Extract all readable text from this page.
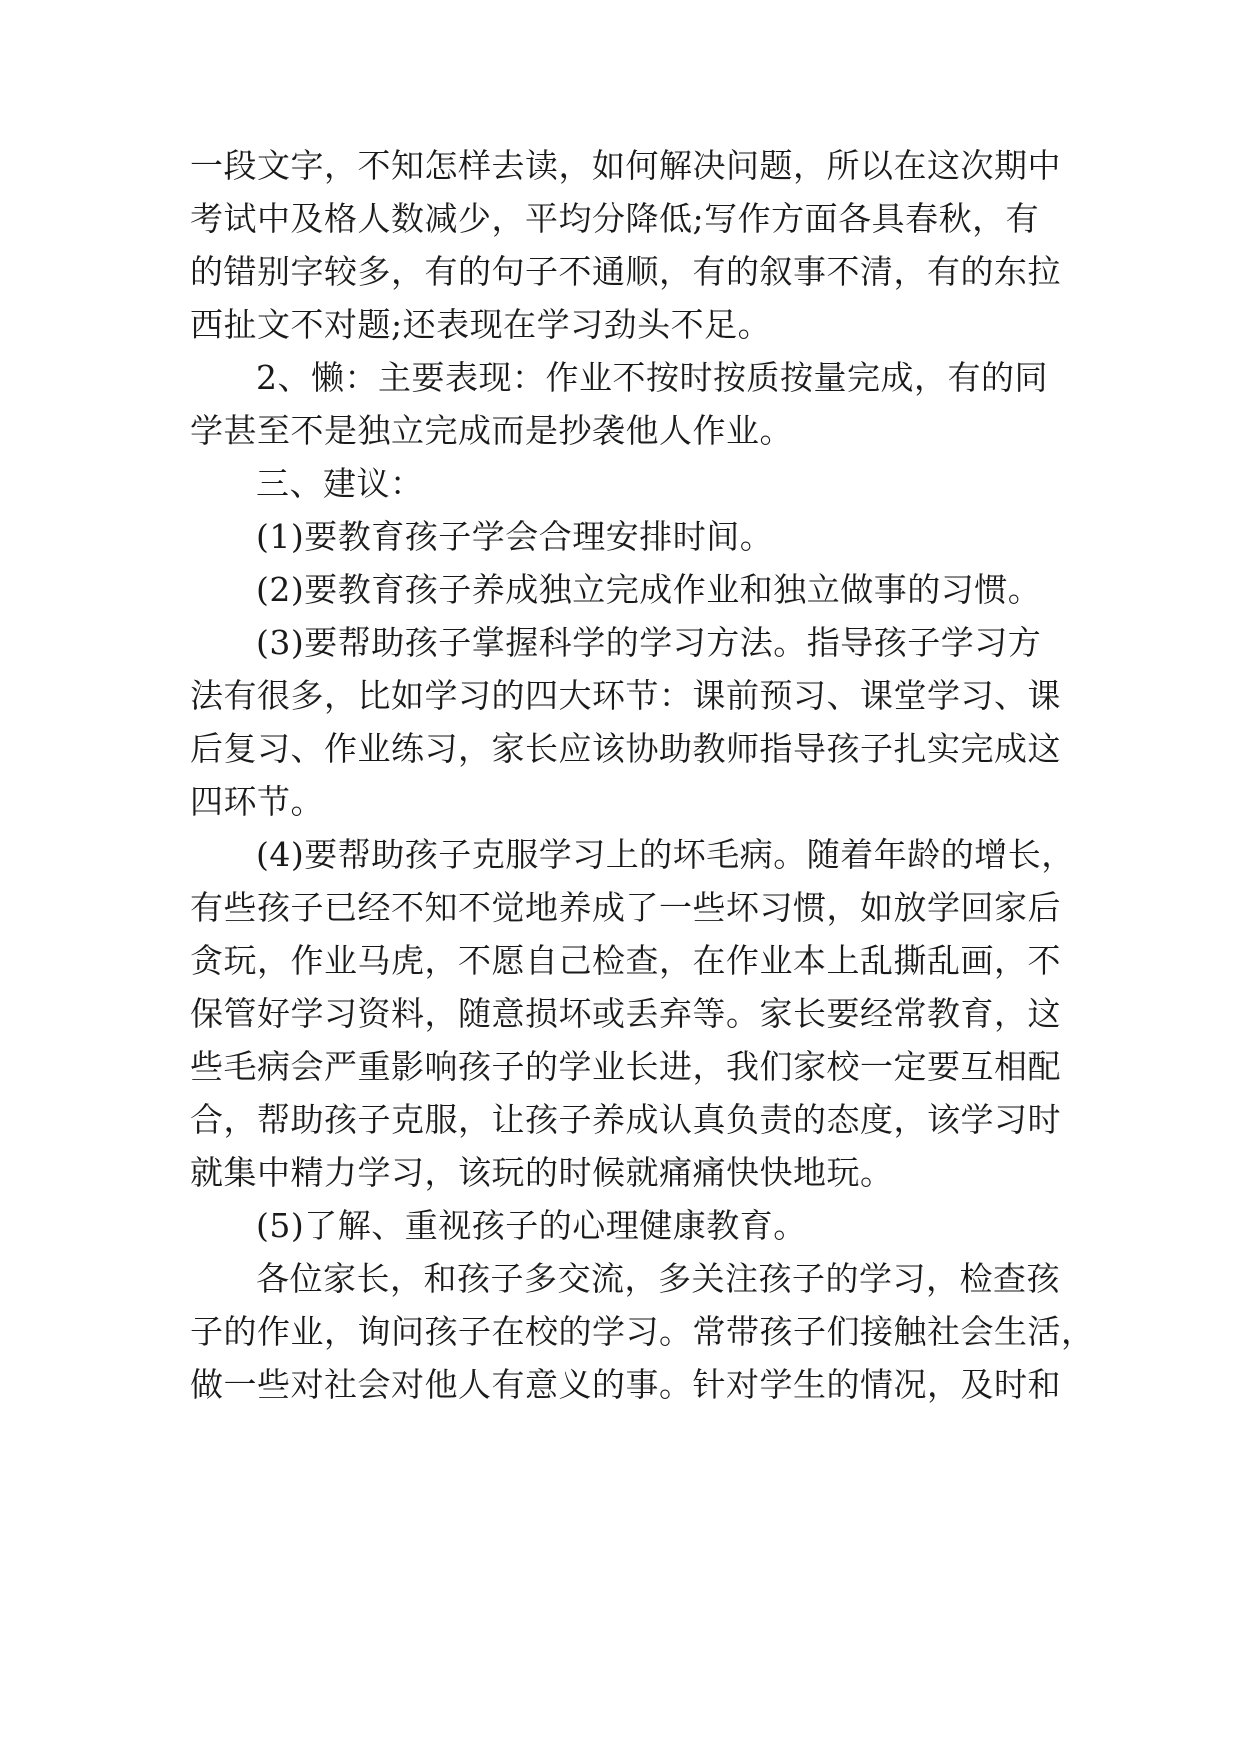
一段文字，不知怎样去读，如何解决问题，所以在这次期中
考试中及格人数减少，平均分降低;写作方面各具春秋，有
的错别字较多，有的句子不通顺，有的叙事不清，有的东拉
西扯文不对题;还表现在学习劲头不足。
2、懒：主要表现：作业不按时按质按量完成，有的同
学甚至不是独立完成而是抄袭他人作业。
三、建议：
(1)要教育孩子学会合理安排时间。
(2)要教育孩子养成独立完成作业和独立做事的习惯。
(3)要帮助孩子掌握科学的学习方法。指导孩子学习方
法有很多，比如学习的四大环节：课前预习、课堂学习、课
后复习、作业练习，家长应该协助教师指导孩子扎实完成这
四环节。
(4)要帮助孩子克服学习上的坏毛病。随着年龄的增长，
有些孩子已经不知不觉地养成了一些坏习惯，如放学回家后
贪玩，作业马虎，不愿自己检查，在作业本上乱撕乱画，不
保管好学习资料，随意损坏或丢弃等。家长要经常教育，这
些毛病会严重影响孩子的学业长进，我们家校一定要互相配
合，帮助孩子克服，让孩子养成认真负责的态度，该学习时
就集中精力学习，该玩的时候就痛痛快快地玩。
(5)了解、重视孩子的心理健康教育。
各位家长，和孩子多交流，多关注孩子的学习，检查孩
子的作业，询问孩子在校的学习。常带孩子们接触社会生活，
做一些对社会对他人有意义的事。针对学生的情况，及时和
